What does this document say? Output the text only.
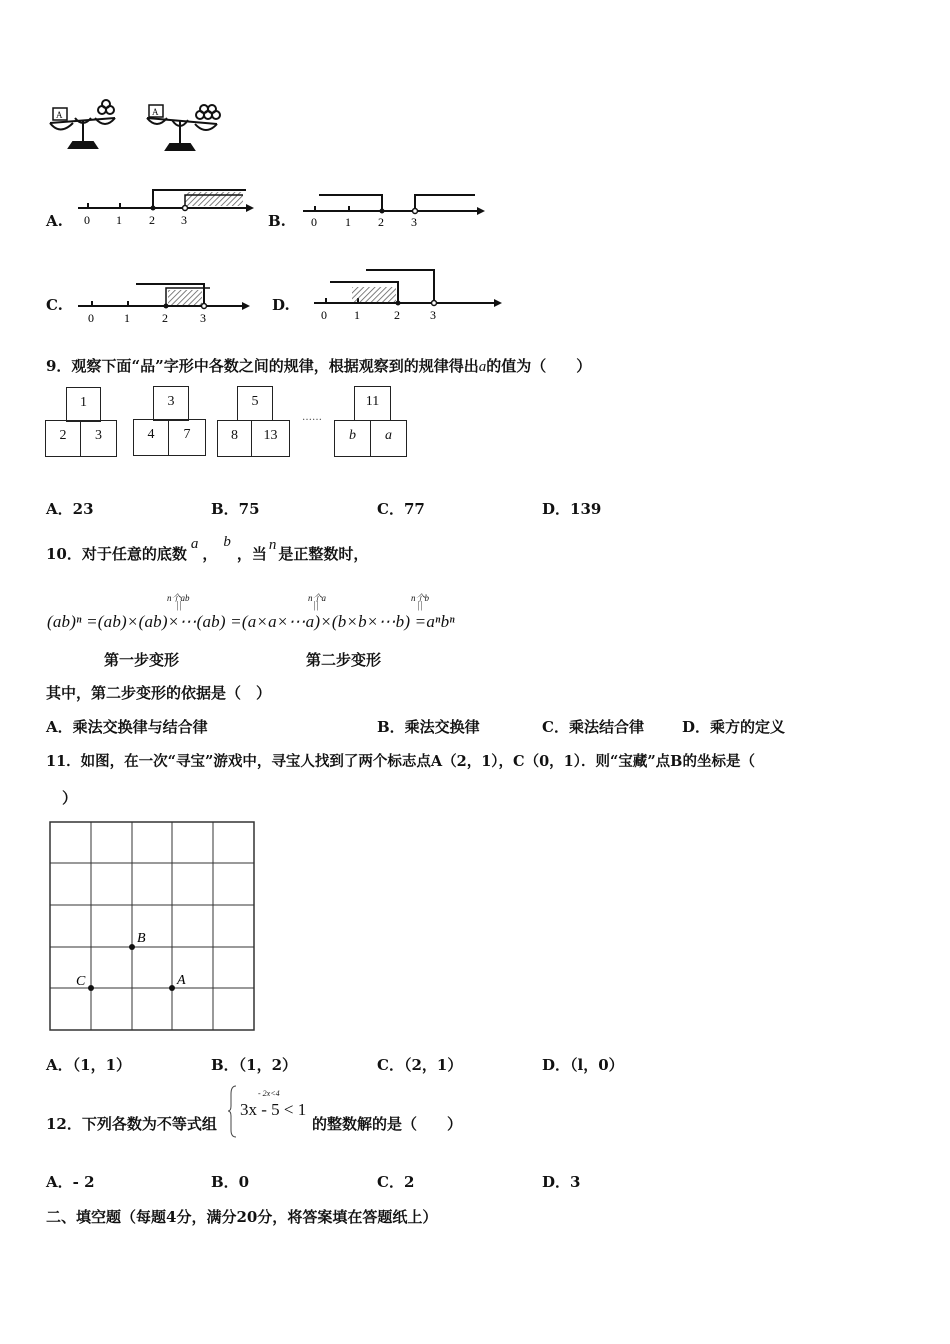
A	A
A. 0 1 2 3	B. 0 1 2 3
C.
0	1	2	3
D.
0 1	2	3
9．观察下面“品”字形中各数之间的规律，根据观察到的规律得出a的值为（　　）
1
2	3
3
4	7
5
8	13
……
11
b	a
A．23	B．75	C．77	D．139
10．对于任意的底数a，b，当 n 是正整数时，
n个ab
||
n个a
||
n个b
||
(ab)ⁿ =(ab)×(ab)×⋯(ab) =(a×a×⋯a)×(b×b×⋯b) =aⁿbⁿ
第一步变形	第二步变形
其中，第二步变形的依据是（　）
A．乘法交换律与结合律	B．乘法交换律	C．乘法结合律	D．乘方的定义
11．如图，在一次“寻宝”游戏中，寻宝人找到了两个标志点A（2，1），C（0，1）．则“宝藏”点B的坐标是（
）
B
C	A
A．（1，1）	B．（1，2）	C．（2，1）	D．（l，0）
12．下列各数为不等式组
- 2x<4
3x - 5 < 1
的整数解的是（　　）
A．- 2	B．0	C．2	D．3
二、填空题（每题4分，满分20分，将答案填在答题纸上）
